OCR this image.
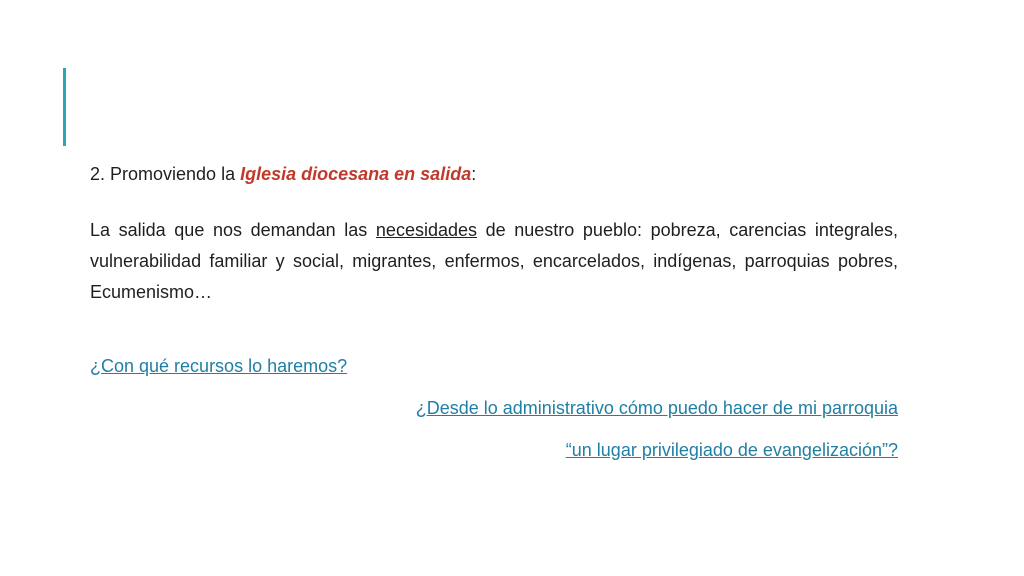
2. Promoviendo la Iglesia diocesana en salida:

La salida que nos demandan las necesidades de nuestro pueblo: pobreza, carencias integrales, vulnerabilidad familiar y social, migrantes, enfermos, encarcelados, indígenas, parroquias pobres, Ecumenismo…

¿Con qué recursos lo haremos?

¿Desde lo administrativo cómo puedo hacer de mi parroquia

“un lugar privilegiado de evangelización”?
